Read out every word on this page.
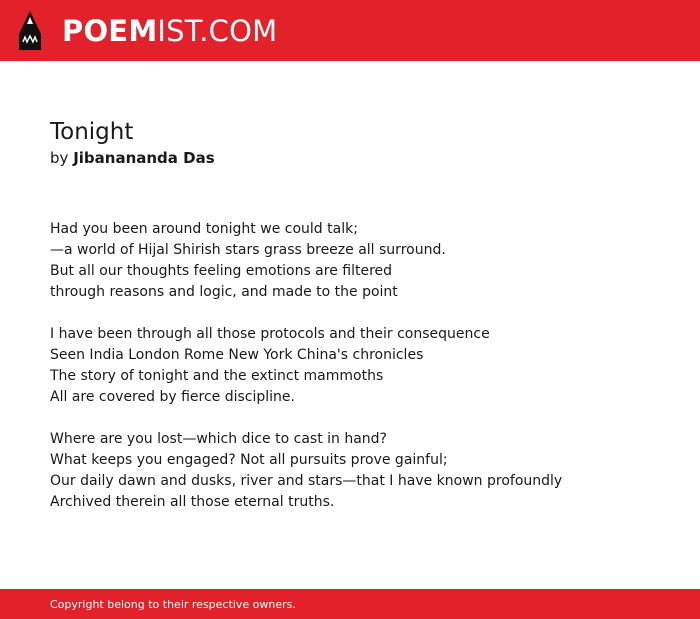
POEMIST.COM
Tonight
by Jibanananda Das
Had you been around tonight we could talk;
—a world of Hijal Shirish stars grass breeze all surround.
But all our thoughts feeling emotions are filtered
through reasons and logic, and made to the point
I have been through all those protocols and their consequence
Seen India London Rome New York China's chronicles
The story of tonight and the extinct mammoths
All are covered by fierce discipline.
Where are you lost—which dice to cast in hand?
What keeps you engaged? Not all pursuits prove gainful;
Our daily dawn and dusks, river and stars—that I have known profoundly
Archived therein all those eternal truths.
Copyright belong to their respective owners.
